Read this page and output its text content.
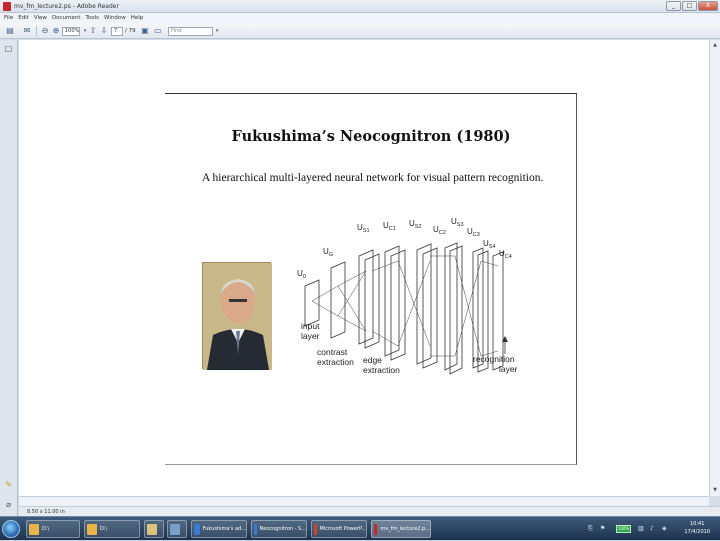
mv_fm_lecture2.ps - Adobe Reader	_	□	X
File Edit View Document Tools Window Help
▤ ✉ ⊖ ⊕	100% ▾ ⇧ ⇩	7	/ 79 ▣ ▭	Find	▾
▢
✎
⌀
▲
▼
8.50 x 11.00 in
Fukushima’s Neocognitron (1980)
A hierarchical multi-layered neural network for visual pattern recognition.
$U_0$
$U_G$
$U_{S1}$
$U_{C1}$
$U_{S2}$ $U_{C2}$
$U_{S3}$
$U_{C3}$
$U_{S4}$
$U_{C4}$
input
layer
contrast
extraction edge
extraction
recognition
layer
D:\	D:\	Fukushima's ad...	Neocognitron - S...	Microsoft PowerP...	mv_fm_lecture2.p...	⎘ ⚑	100% ▥ ♪ ◈
10:41
17/4/2010
